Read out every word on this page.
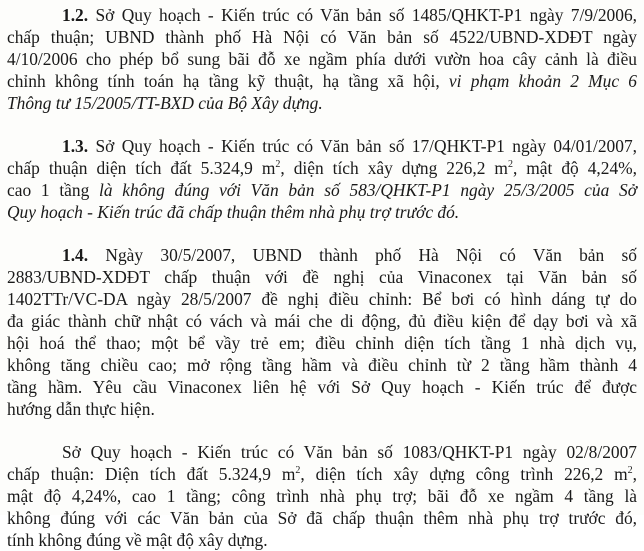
1.2. Sở Quy hoạch - Kiến trúc có Văn bản số 1485/QHKT-P1 ngày 7/9/2006,
chấp thuận; UBND thành phố Hà Nội có Văn bản số 4522/UBND-XDĐT ngày
4/10/2006 cho phép bổ sung bãi đỗ xe ngầm phía dưới vườn hoa cây cảnh là điều
chỉnh không tính toán hạ tầng kỹ thuật, hạ tầng xã hội, vi phạm khoản 2 Mục 6
Thông tư 15/2005/TT-BXD của Bộ Xây dựng.
1.3. Sở Quy hoạch - Kiến trúc có Văn bản số 17/QHKT-P1 ngày 04/01/2007,
chấp thuận diện tích đất 5.324,9 $m^2$, diện tích xây dựng 226,2 $m^2$, mật độ 4,24%,
cao 1 tầng là không đúng với Văn bản số 583/QHKT-P1 ngày 25/3/2005 của Sở
Quy hoạch - Kiến trúc đã chấp thuận thêm nhà phụ trợ trước đó.
1.4. Ngày 30/5/2007, UBND thành phố Hà Nội có Văn bản số
2883/UBND-XDĐT chấp thuận với đề nghị của Vinaconex tại Văn bản số
1402TTr/VC-DA ngày 28/5/2007 đề nghị điều chỉnh: Bể bơi có hình dáng tự do
đa giác thành chữ nhật có vách và mái che di động, đủ điều kiện để dạy bơi và xã
hội hoá thể thao; một bể vầy trẻ em; điều chỉnh diện tích tầng 1 nhà dịch vụ,
không tăng chiều cao; mở rộng tầng hầm và điều chỉnh từ 2 tầng hầm thành 4
tầng hầm. Yêu cầu Vinaconex liên hệ với Sở Quy hoạch - Kiến trúc để được
hướng dẫn thực hiện.
Sở Quy hoạch - Kiến trúc có Văn bản số 1083/QHKT-P1 ngày 02/8/2007
chấp thuận: Diện tích đất 5.324,9 $m^2$, diện tích xây dựng công trình 226,2 $m^2$,
mật độ 4,24%, cao 1 tầng; công trình nhà phụ trợ; bãi đỗ xe ngầm 4 tầng là
không đúng với các Văn bản của Sở đã chấp thuận thêm nhà phụ trợ trước đó,
tính không đúng về mật độ xây dựng.
